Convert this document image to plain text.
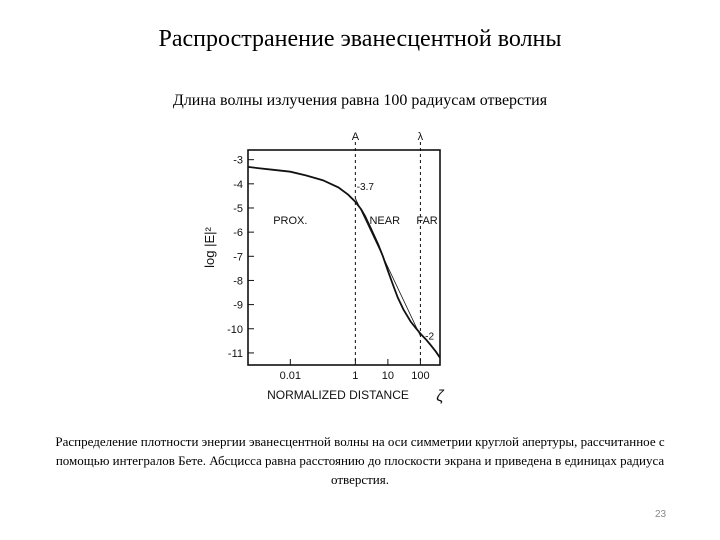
Распространение эванесцентной волны
Длина волны излучения равна 100 радиусам отверстия
-3
-4
-5
-6
-7
-8
-9
-10
-11
0.01	1 10 100
A	λ
PROX.	NEAR FAR
-3.7
-2
NORMALIZED DISTANCE ζ
log |E|²
Распределение плотности энергии эванесцентной волны на оси симметрии круглой апертуры, рассчитанное с помощью интегралов Бете. Абсцисса равна расстоянию до плоскости экрана и приведена в единицах радиуса отверстия.
23
